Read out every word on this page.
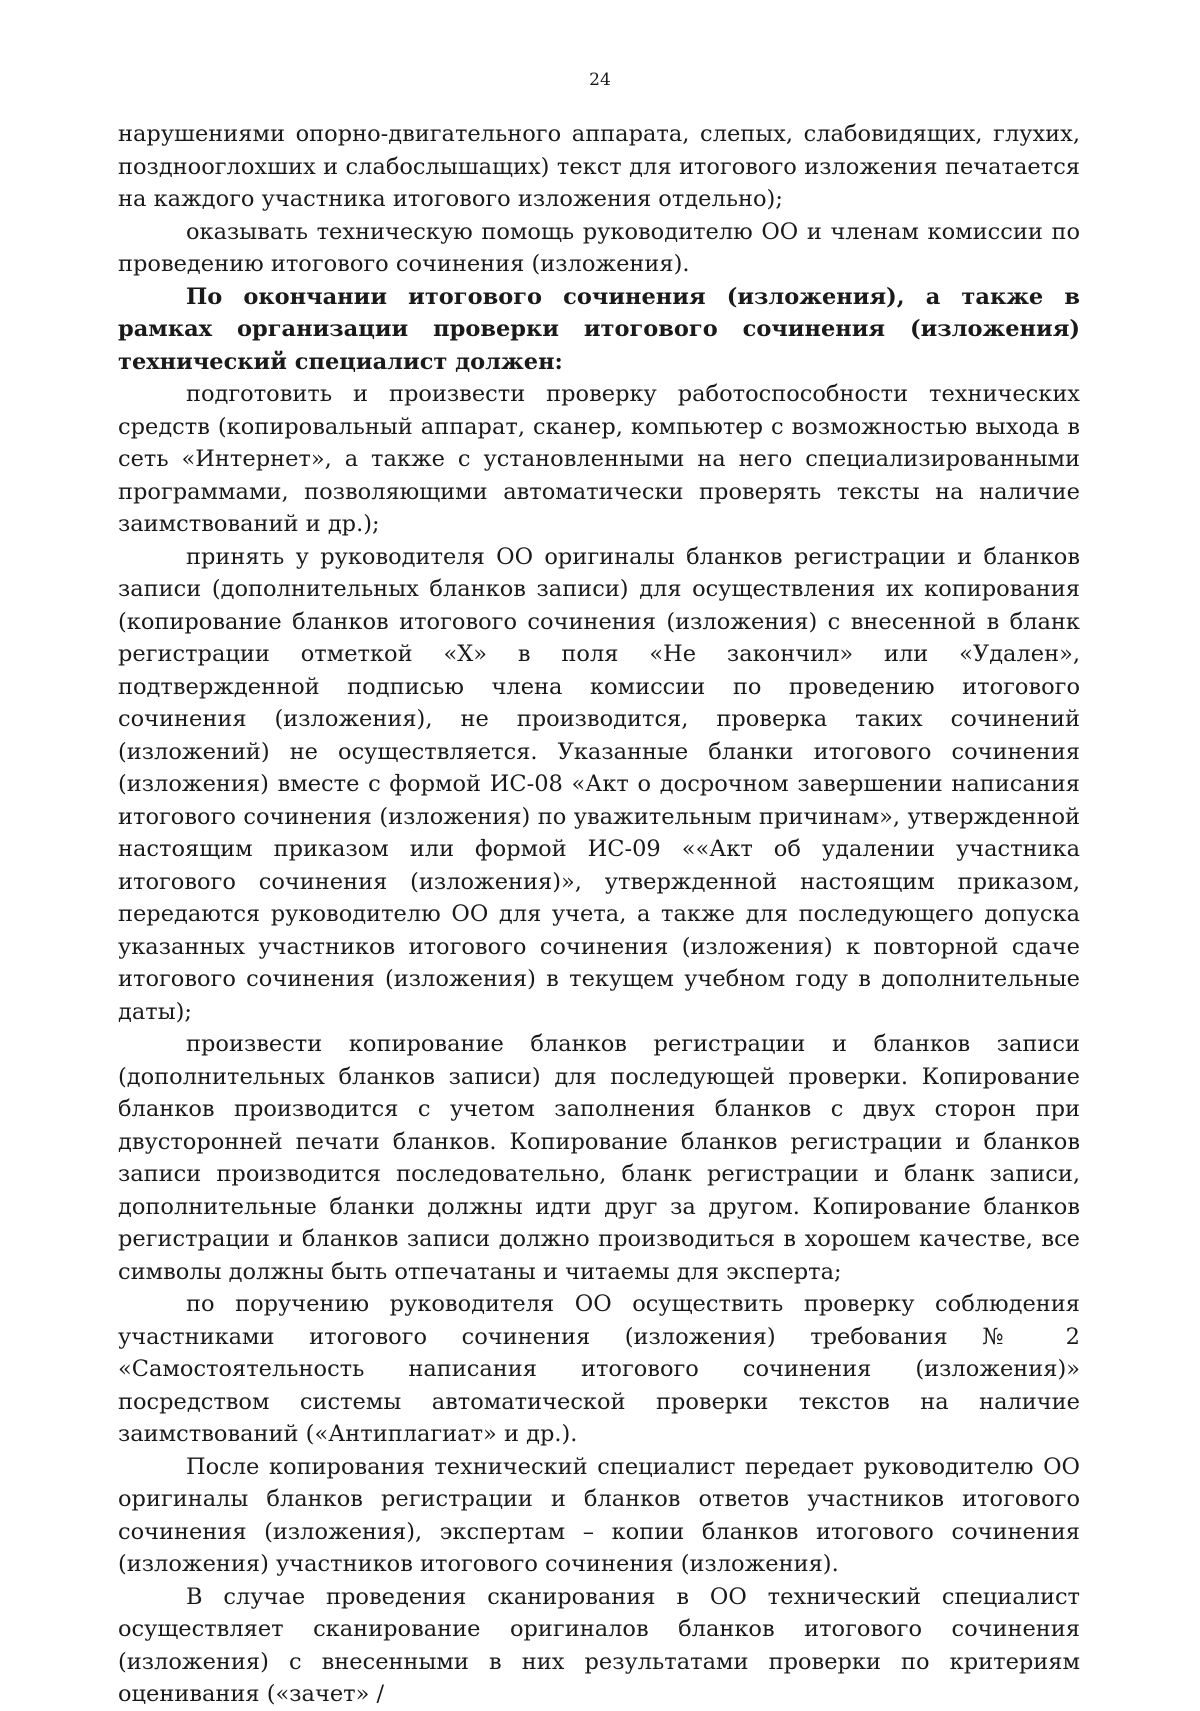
24

нарушениями опорно-двигательного аппарата, слепых, слабовидящих, глухих, позднооглохших и слабослышащих) текст для итогового изложения печатается на каждого участника итогового изложения отдельно);

оказывать техническую помощь руководителю ОО и членам комиссии по проведению итогового сочинения (изложения).

По окончании итогового сочинения (изложения), а также в рамках организации проверки итогового сочинения (изложения) технический специалист должен:

подготовить и произвести проверку работоспособности технических средств (копировальный аппарат, сканер, компьютер с возможностью выхода в сеть «Интернет», а также с установленными на него специализированными программами, позволяющими автоматически проверять тексты на наличие заимствований и др.);

принять у руководителя ОО оригиналы бланков регистрации и бланков записи (дополнительных бланков записи) для осуществления их копирования (копирование бланков итогового сочинения (изложения) с внесенной в бланк регистрации отметкой «Х» в поля «Не закончил» или «Удален», подтвержденной подписью члена комиссии по проведению итогового сочинения (изложения), не производится, проверка таких сочинений (изложений) не осуществляется. Указанные бланки итогового сочинения (изложения) вместе с формой ИС-08 «Акт о досрочном завершении написания итогового сочинения (изложения) по уважительным причинам», утвержденной настоящим приказом или формой ИС-09 ««Акт об удалении участника итогового сочинения (изложения)», утвержденной настоящим приказом, передаются руководителю ОО для учета, а также для последующего допуска указанных участников итогового сочинения (изложения) к повторной сдаче итогового сочинения (изложения) в текущем учебном году в дополнительные даты);

произвести копирование бланков регистрации и бланков записи (дополнительных бланков записи) для последующей проверки. Копирование бланков производится с учетом заполнения бланков с двух сторон при двусторонней печати бланков. Копирование бланков регистрации и бланков записи производится последовательно, бланк регистрации и бланк записи, дополнительные бланки должны идти друг за другом. Копирование бланков регистрации и бланков записи должно производиться в хорошем качестве, все символы должны быть отпечатаны и читаемы для эксперта;

по поручению руководителя ОО осуществить проверку соблюдения участниками итогового сочинения (изложения) требования № 2 «Самостоятельность написания итогового сочинения (изложения)» посредством системы автоматической проверки текстов на наличие заимствований («Антиплагиат» и др.).

После копирования технический специалист передает руководителю ОО оригиналы бланков регистрации и бланков ответов участников итогового сочинения (изложения), экспертам – копии бланков итогового сочинения (изложения) участников итогового сочинения (изложения).

В случае проведения сканирования в ОО технический специалист осуществляет сканирование оригиналов бланков итогового сочинения (изложения) с внесенными в них результатами проверки по критериям оценивания («зачет» /
